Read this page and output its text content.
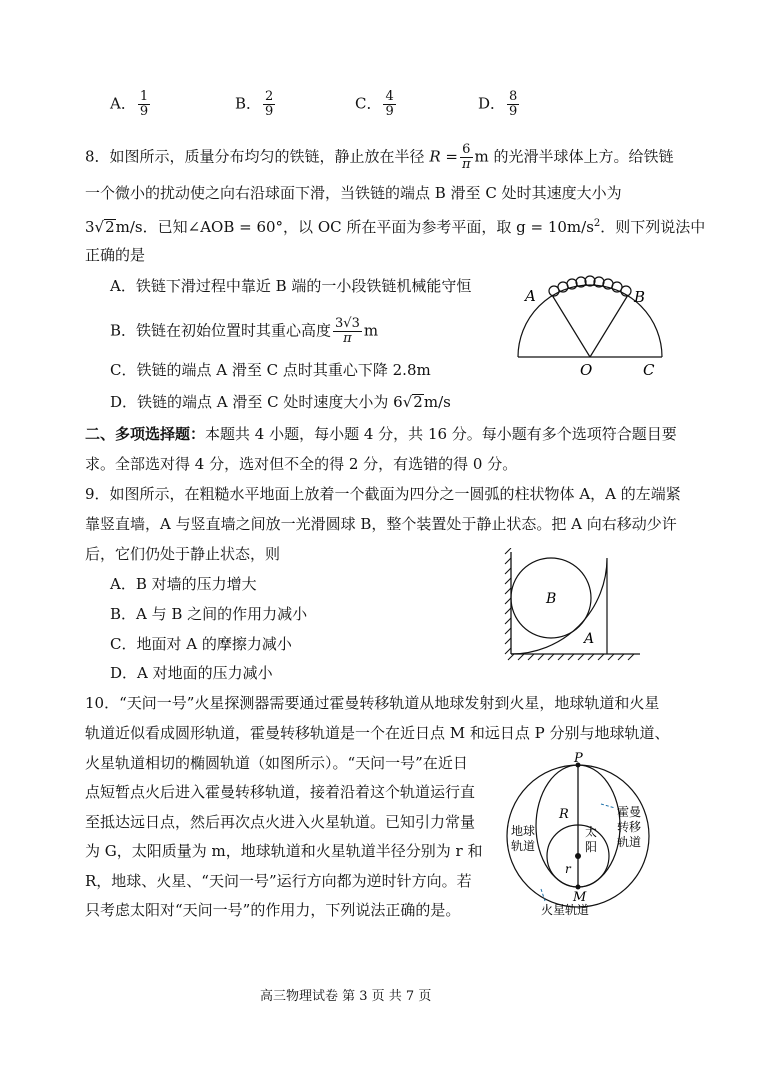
A． $\frac{1}{9}$	B． $\frac{2}{9}$	C． $\frac{4}{9}$	D． $\frac{8}{9}$
8．如图所示，质量分布均匀的铁链，静止放在半径 $R = \frac{6}{\pi}$ m 的光滑半球体上方。给铁链
一个微小的扰动使之向右沿球面下滑，当铁链的端点 B 滑至 C 处时其速度大小为
3√2m/s．已知∠AOB = 60°，以 OC 所在平面为参考平面，取 $g = 10m/s^2$．则下列说法中
正确的是
A．铁链下滑过程中靠近 B 端的一小段铁链机械能守恒
B．铁链在初始位置时其重心高度 $\frac{3√3}{\pi}$ m
C．铁链的端点 A 滑至 C 点时其重心下降 2.8m
D．铁链的端点 A 滑至 C 处时速度大小为 6√2m/s
A	B
O	C
二、多项选择题：本题共 4 小题，每小题 4 分，共 16 分。每小题有多个选项符合题目要
求。全部选对得 4 分，选对但不全的得 2 分，有选错的得 0 分。
9．如图所示，在粗糙水平地面上放着一个截面为四分之一圆弧的柱状物体 A，A 的左端紧
靠竖直墙，A 与竖直墙之间放一光滑圆球 B，整个装置处于静止状态。把 A 向右移动少许
后，它们仍处于静止状态，则
A．B 对墙的压力增大
B．A 与 B 之间的作用力减小
C．地面对 A 的摩擦力减小
D．A 对地面的压力减小
B
A
10．“天问一号”火星探测器需要通过霍曼转移轨道从地球发射到火星，地球轨道和火星
轨道近似看成圆形轨道，霍曼转移轨道是一个在近日点 M 和远日点 P 分别与地球轨道、
火星轨道相切的椭圆轨道（如图所示）。“天问一号”在近日
点短暂点火后进入霍曼转移轨道，接着沿着这个轨道运行直
至抵达远日点，然后再次点火进入火星轨道。已知引力常量
为 G，太阳质量为 m，地球轨道和火星轨道半径分别为 r 和
R，地球、火星、“天问一号”运行方向都为逆时针方向。若
只考虑太阳对“天问一号”的作用力，下列说法正确的是。
P
M
R
r
霍曼
转移
轨道
地球
轨道
太
阳
火星轨道
高三物理试卷 第 3 页 共 7 页
